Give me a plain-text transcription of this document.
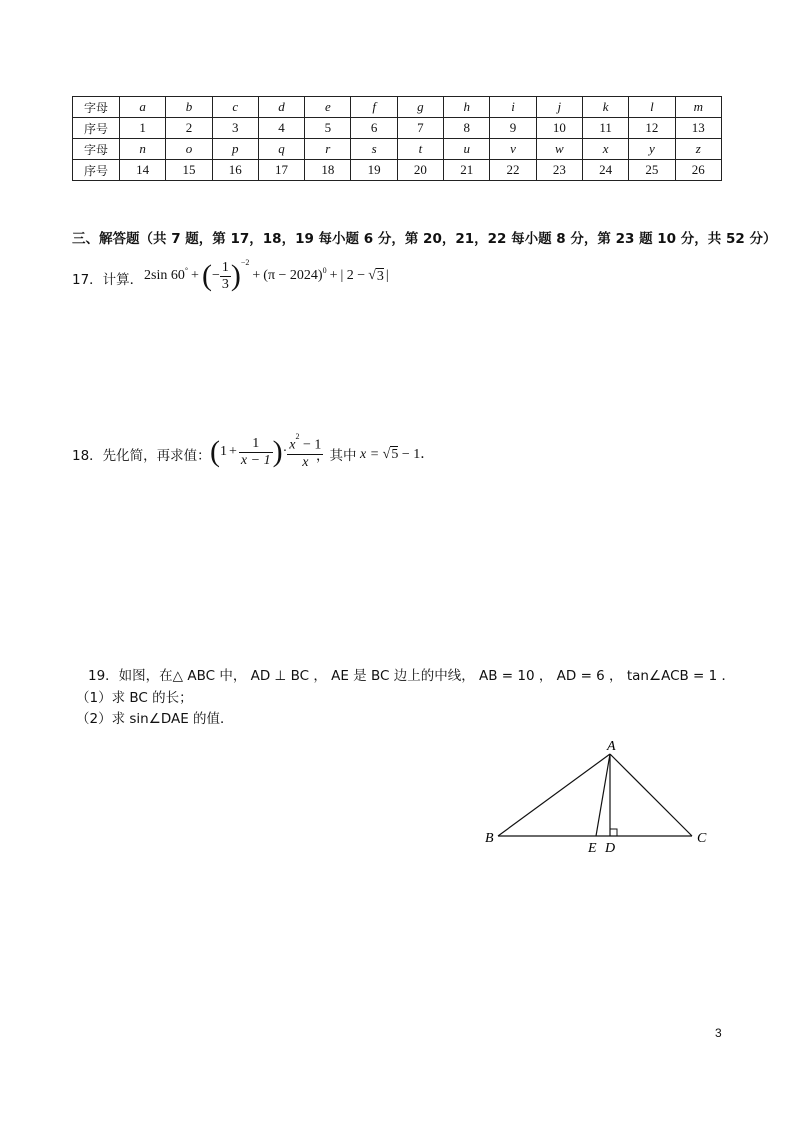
字母	a	b	c	d	e	f	g	h	i	j	k	l	m
序号	1	2	3	4	5	6	7	8	9	10	11	12	13
字母	n	o	p	q	r	s	t	u	v	w	x	y	z
序号	14	15	16	17	18	19	20	21	22	23	24	25	26
三、解答题（共 7 题，第 17，18，19 每小题 6 分，第 20，21，22 每小题 8 分，第 23 题 10 分，共 52 分）
17．计算． 2sin 60° + ( − $\frac{1}{3} )^{-2}$
+ $(\pi - 2024)^0$ + | 2 − √ 3 |
18．先化简，再求值： ( $1 + \frac{1}{x - 1}$ ) · $\frac{x^2 - 1}{x}$
，其中 x = √5 − 1．
19．如图，在△ ABC 中， AD ⊥ BC ， AE 是 BC 边上的中线， AB = 10 ， AD = 6 ， tan∠ACB = 1 ．
（1）求 BC 的长；
（2）求 sin∠DAE 的值．
A
B	C
D
E
3
